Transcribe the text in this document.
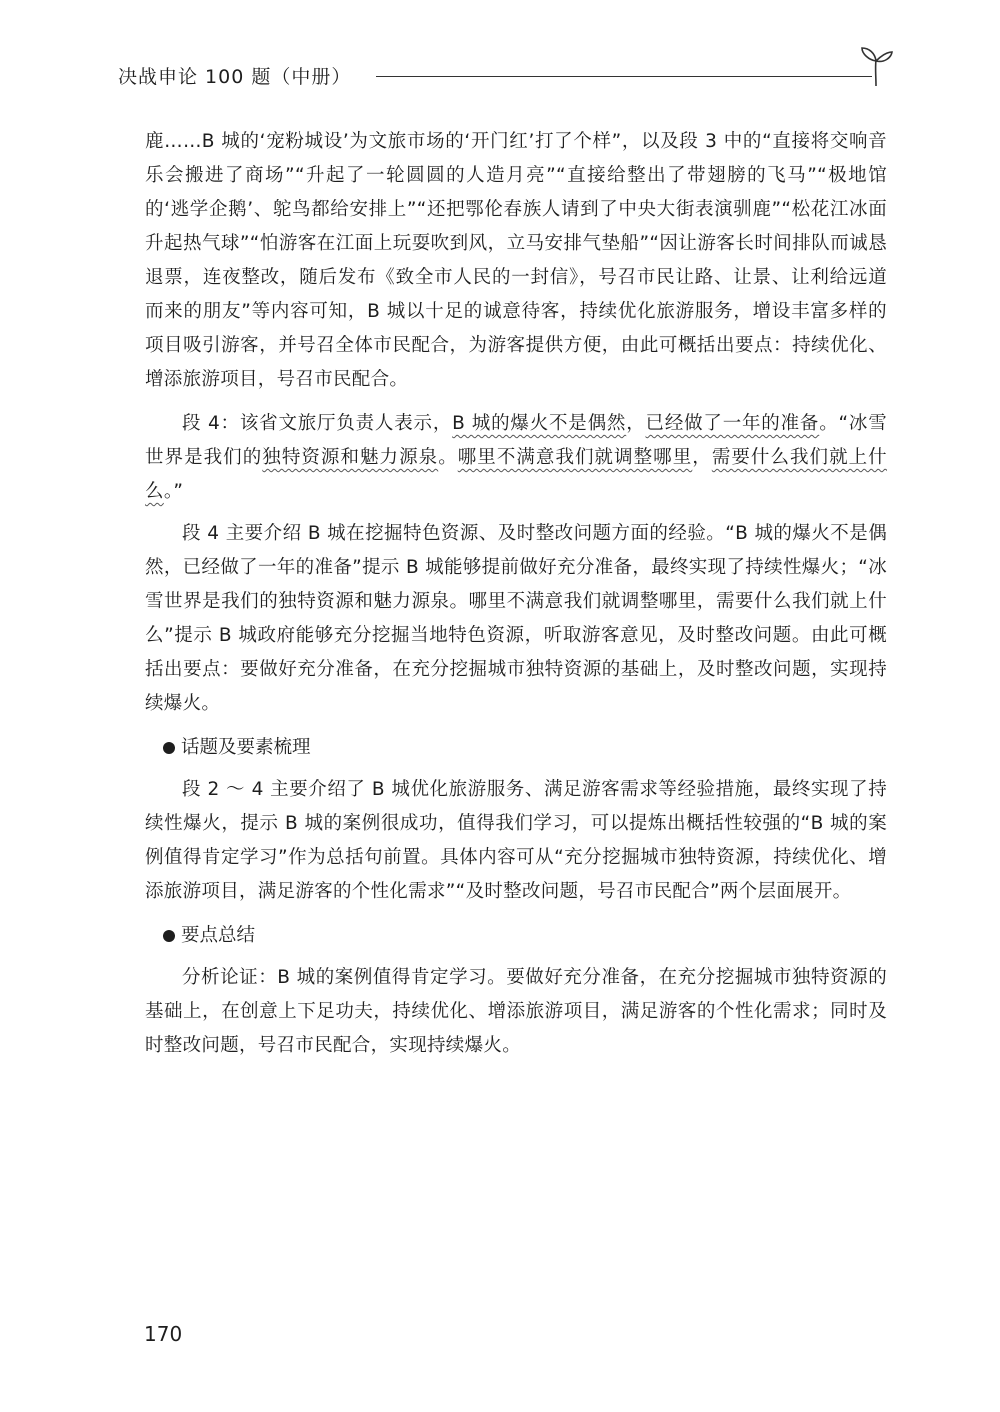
决战申论 100 题（中册）

鹿……B 城的‘宠粉城设’为文旅市场的‘开门红’打了个样”，以及段 3 中的“直接将交响音乐会搬进了商场”“升起了一轮圆圆的人造月亮”“直接给整出了带翅膀的飞马”“极地馆的‘逃学企鹅’、鸵鸟都给安排上”“还把鄂伦春族人请到了中央大街表演驯鹿”“松花江冰面升起热气球”“怕游客在江面上玩耍吹到风，立马安排气垫船”“因让游客长时间排队而诚恳退票，连夜整改，随后发布《致全市人民的一封信》，号召市民让路、让景、让利给远道而来的朋友”等内容可知，B 城以十足的诚意待客，持续优化旅游服务，增设丰富多样的项目吸引游客，并号召全体市民配合，为游客提供方便，由此可概括出要点：持续优化、增添旅游项目，号召市民配合。

段 4：该省文旅厅负责人表示，B 城的爆火不是偶然，已经做了一年的准备。“冰雪世界是我们的独特资源和魅力源泉。哪里不满意我们就调整哪里，需要什么我们就上什么。”

段 4 主要介绍 B 城在挖掘特色资源、及时整改问题方面的经验。“B 城的爆火不是偶然，已经做了一年的准备”提示 B 城能够提前做好充分准备，最终实现了持续性爆火；“冰雪世界是我们的独特资源和魅力源泉。哪里不满意我们就调整哪里，需要什么我们就上什么”提示 B 城政府能够充分挖掘当地特色资源，听取游客意见，及时整改问题。由此可概括出要点：要做好充分准备，在充分挖掘城市独特资源的基础上，及时整改问题，实现持续爆火。

话题及要素梳理

段 2 ～ 4 主要介绍了 B 城优化旅游服务、满足游客需求等经验措施，最终实现了持续性爆火，提示 B 城的案例很成功，值得我们学习，可以提炼出概括性较强的“B 城的案例值得肯定学习”作为总括句前置。具体内容可从“充分挖掘城市独特资源，持续优化、增添旅游项目，满足游客的个性化需求”“及时整改问题，号召市民配合”两个层面展开。

要点总结

分析论证：B 城的案例值得肯定学习。要做好充分准备，在充分挖掘城市独特资源的基础上，在创意上下足功夫，持续优化、增添旅游项目，满足游客的个性化需求；同时及时整改问题，号召市民配合，实现持续爆火。

170
